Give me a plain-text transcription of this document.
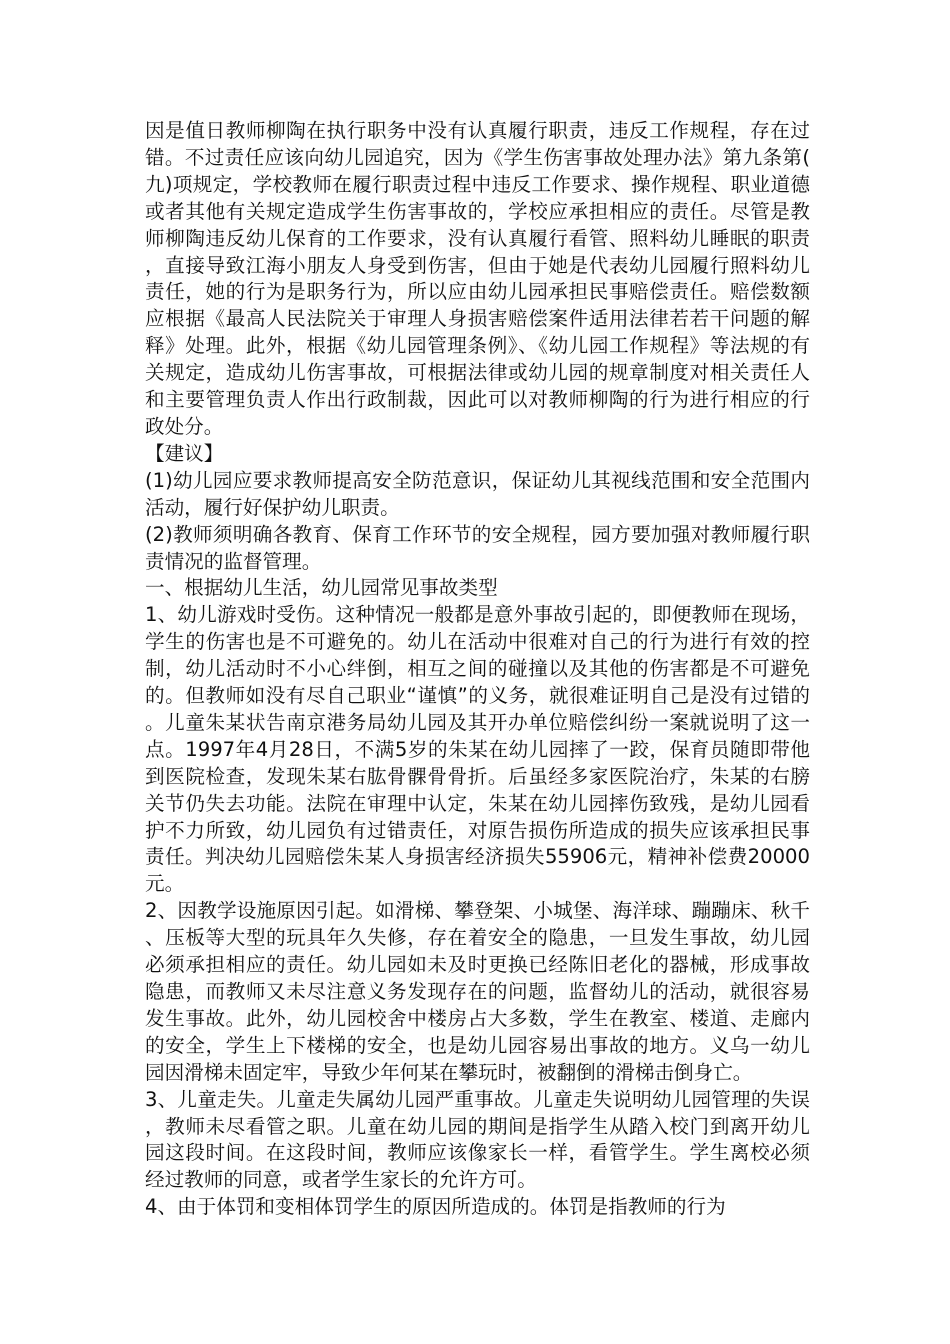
因是值日教师柳陶在执行职务中没有认真履行职责，违反工作规程，存在过错。不过责任应该向幼儿园追究，因为《学生伤害事故处理办法》第九条第(九)项规定，学校教师在履行职责过程中违反工作要求、操作规程、职业道德或者其他有关规定造成学生伤害事故的，学校应承担相应的责任。尽管是教师柳陶违反幼儿保育的工作要求，没有认真履行看管、照料幼儿睡眠的职责，直接导致江海小朋友人身受到伤害，但由于她是代表幼儿园履行照料幼儿责任，她的行为是职务行为，所以应由幼儿园承担民事赔偿责任。赔偿数额应根据《最高人民法院关于审理人身损害赔偿案件适用法律若若干问题的解释》处理。此外，根据《幼儿园管理条例》、《幼儿园工作规程》等法规的有关规定，造成幼儿伤害事故，可根据法律或幼儿园的规章制度对相关责任人和主要管理负责人作出行政制裁，因此可以对教师柳陶的行为进行相应的行政处分。

【建议】

(1)幼儿园应要求教师提高安全防范意识，保证幼儿其视线范围和安全范围内活动，履行好保护幼儿职责。

(2)教师须明确各教育、保育工作环节的安全规程，园方要加强对教师履行职责情况的监督管理。

一、根据幼儿生活，幼儿园常见事故类型

1、幼儿游戏时受伤。这种情况一般都是意外事故引起的，即便教师在现场，学生的伤害也是不可避免的。幼儿在活动中很难对自己的行为进行有效的控制，幼儿活动时不小心绊倒，相互之间的碰撞以及其他的伤害都是不可避免的。但教师如没有尽自己职业“谨慎”的义务，就很难证明自己是没有过错的。儿童朱某状告南京港务局幼儿园及其开办单位赔偿纠纷一案就说明了这一点。1997年4月28日，不满5岁的朱某在幼儿园摔了一跤，保育员随即带他到医院检查，发现朱某右肱骨髁骨骨折。后虽经多家医院治疗，朱某的右膀关节仍失去功能。法院在审理中认定，朱某在幼儿园摔伤致残，是幼儿园看护不力所致，幼儿园负有过错责任，对原告损伤所造成的损失应该承担民事责任。判决幼儿园赔偿朱某人身损害经济损失55906元，精神补偿费20000元。

2、因教学设施原因引起。如滑梯、攀登架、小城堡、海洋球、蹦蹦床、秋千、压板等大型的玩具年久失修，存在着安全的隐患，一旦发生事故，幼儿园必须承担相应的责任。幼儿园如未及时更换已经陈旧老化的器械，形成事故隐患，而教师又未尽注意义务发现存在的问题，监督幼儿的活动，就很容易发生事故。此外，幼儿园校舍中楼房占大多数，学生在教室、楼道、走廊内的安全，学生上下楼梯的安全，也是幼儿园容易出事故的地方。义乌一幼儿园因滑梯未固定牢，导致少年何某在攀玩时，被翻倒的滑梯击倒身亡。

3、儿童走失。儿童走失属幼儿园严重事故。儿童走失说明幼儿园管理的失误，教师未尽看管之职。儿童在幼儿园的期间是指学生从踏入校门到离开幼儿园这段时间。在这段时间，教师应该像家长一样，看管学生。学生离校必须经过教师的同意，或者学生家长的允许方可。

4、由于体罚和变相体罚学生的原因所造成的。体罚是指教师的行为
